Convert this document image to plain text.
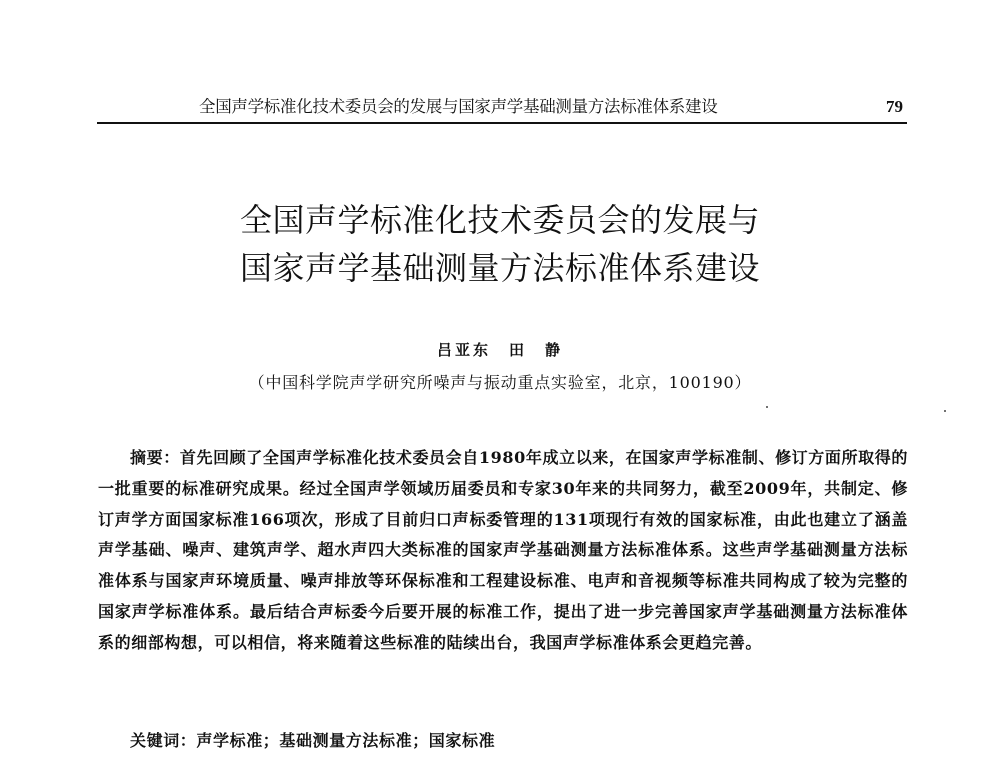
全国声学标准化技术委员会的发展与国家声学基础测量方法标准体系建设	79
全国声学标准化技术委员会的发展与
国家声学基础测量方法标准体系建设
吕亚东　田　静
（中国科学院声学研究所噪声与振动重点实验室，北京，100190）
摘要：首先回顾了全国声学标准化技术委员会自1980年成立以来，在国家声学标准制、修订方面所取得的一批重要的标准研究成果。经过全国声学领域历届委员和专家30年来的共同努力，截至2009年，共制定、修订声学方面国家标准166项次，形成了目前归口声标委管理的131项现行有效的国家标准，由此也建立了涵盖声学基础、噪声、建筑声学、超水声四大类标准的国家声学基础测量方法标准体系。这些声学基础测量方法标准体系与国家声环境质量、噪声排放等环保标准和工程建设标准、电声和音视频等标准共同构成了较为完整的国家声学标准体系。最后结合声标委今后要开展的标准工作，提出了进一步完善国家声学基础测量方法标准体系的细部构想，可以相信，将来随着这些标准的陆续出台，我国声学标准体系会更趋完善。
关键词：声学标准；基础测量方法标准；国家标准
